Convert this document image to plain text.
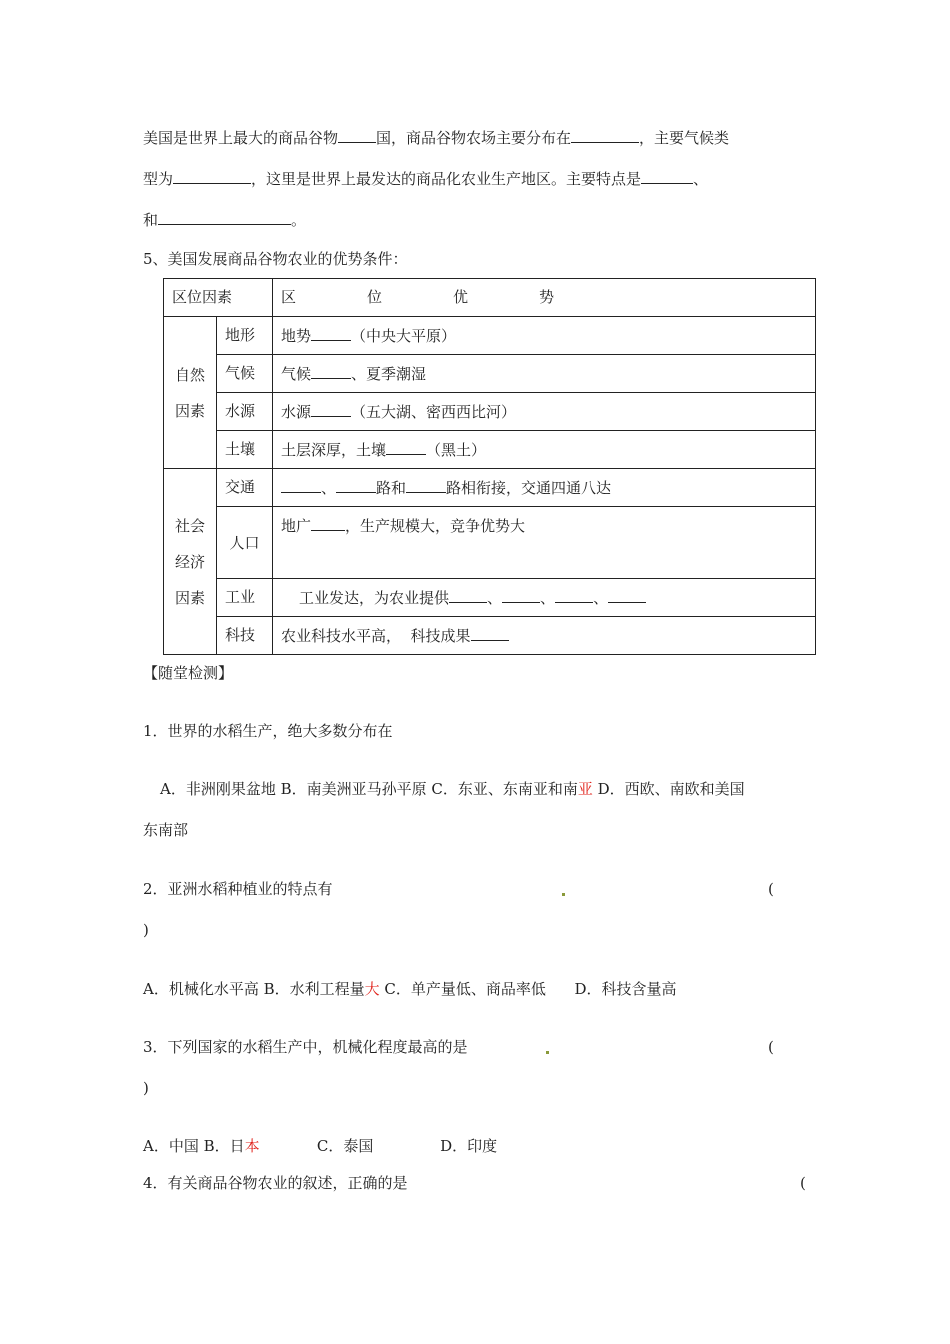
美国是世界上最大的商品谷物	国，商品谷物农场主要分布在	，主要气候类
型为	，这里是世界上最发达的商品化农业生产地区。主要特点是	、
和	。
5、美国发展商品谷物农业的优势条件：
区位因素		区 位 优 势

自然
因素	地形	地势 （中央大平原）
	气候	气候 、夏季潮湿
	水源	水源 （五大湖、密西西比河）
	土壤	土层深厚，土壤 （黑土）

社会
经济
因素	交通	、 路和 路相衔接，交通四通八达
	人口	地广 ，生产规模大，竞争优势大
	工业	工业发达，为农业提供 、 、 、
	科技	农业科技水平高，  科技成果
【随堂检测】
1．世界的水稻生产，绝大多数分布在
A．非洲刚果盆地 B．南美洲亚马孙平原 C．东亚、东南亚和南亚 D．西欧、南欧和美国
东南部
2．亚洲水稻种植业的特点有	(
)
A．机械化水平高 B．水利工程量大 C．单产量低、商品率低      D．科技含量高
3．下列国家的水稻生产中，机械化程度最高的是	(
)
A．中国 B．日本            C．泰国              D．印度
4．有关商品谷物农业的叙述，正确的是	(
